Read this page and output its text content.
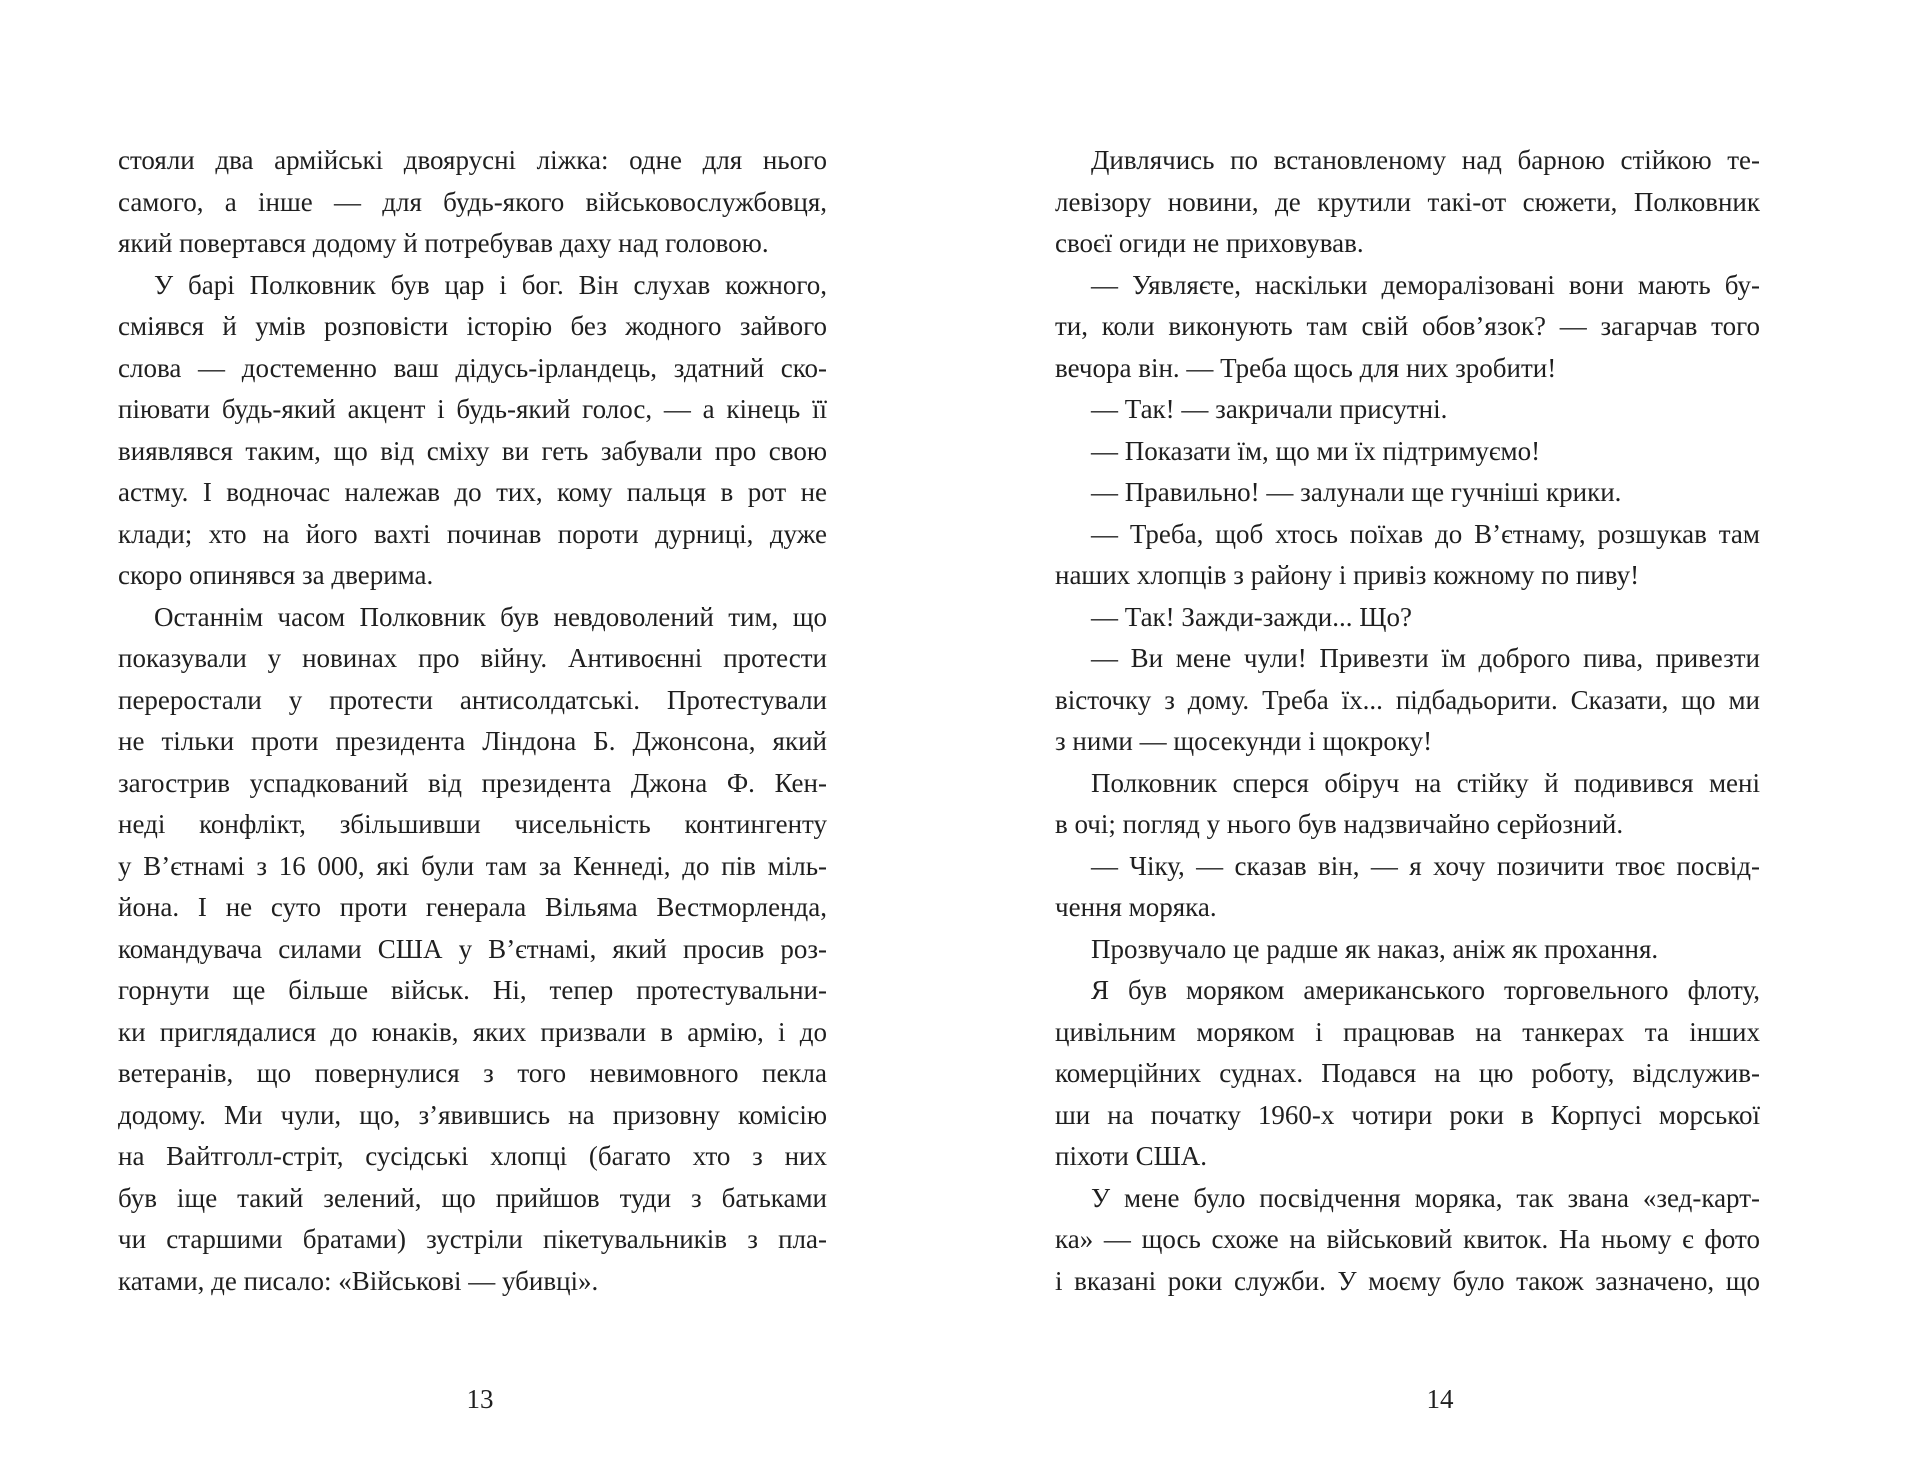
стояли два армійські двоярусні ліжка: одне для нього
самого, а інше — для будь-якого військовослужбовця,
який повертався додому й потребував даху над головою.
У барі Полковник був цар і бог. Він слухав кожного,
сміявся й умів розповісти історію без жодного зайвого
слова — достеменно ваш дідусь-ірландець, здатний ско-
піювати будь-який акцент і будь-який голос, — а кінець її
виявлявся таким, що від сміху ви геть забували про свою
астму. І водночас належав до тих, кому пальця в рот не
клади; хто на його вахті починав пороти дурниці, дуже
скоро опинявся за дверима.
Останнім часом Полковник був невдоволений тим, що
показували у новинах про війну. Антивоєнні протести
переростали у протести антисолдатські. Протестували
не тільки проти президента Ліндона Б. Джонсона, який
загострив успадкований від президента Джона Ф. Кен-
неді конфлікт, збільшивши чисельність контингенту
у В’єтнамі з 16 000, які були там за Кеннеді, до пів міль-
йона. І не суто проти генерала Вільяма Вестморленда,
командувача силами США у В’єтнамі, який просив роз-
горнути ще більше військ. Ні, тепер протестувальни-
ки приглядалися до юнаків, яких призвали в армію, і до
ветеранів, що повернулися з того невимовного пекла
додому. Ми чули, що, з’явившись на призовну комісію
на Вайтголл-стріт, сусідські хлопці (багато хто з них
був іще такий зелений, що прийшов туди з батьками
чи старшими братами) зустріли пікетувальників з пла-
катами, де писало: «Військові — убивці».
13
Дивлячись по встановленому над барною стійкою те-
левізору новини, де крутили такі-от сюжети, Полковник
своєї огиди не приховував.
— Уявляєте, наскільки деморалізовані вони мають бу-
ти, коли виконують там свій обов’язок? — загарчав того
вечора він. — Треба щось для них зробити!
— Так! — закричали присутні.
— Показати їм, що ми їх підтримуємо!
— Правильно! — залунали ще гучніші крики.
— Треба, щоб хтось поїхав до В’єтнаму, розшукав там
наших хлопців з району і привіз кожному по пиву!
— Так! Зажди-зажди... Що?
— Ви мене чули! Привезти їм доброго пива, привезти
вісточку з дому. Треба їх... підбадьорити. Сказати, що ми
з ними — щосекунди і щокроку!
Полковник сперся обіруч на стійку й подивився мені
в очі; погляд у нього був надзвичайно серйозний.
— Чіку, — сказав він, — я хочу позичити твоє посвід-
чення моряка.
Прозвучало це радше як наказ, аніж як прохання.
Я був моряком американського торговельного флоту,
цивільним моряком і працював на танкерах та інших
комерційних суднах. Подався на цю роботу, відслужив-
ши на початку 1960-х чотири роки в Корпусі морської
піхоти США.
У мене було посвідчення моряка, так звана «зед-карт-
ка» — щось схоже на військовий квиток. На ньому є фото
і вказані роки служби. У моєму було також зазначено, що
14
